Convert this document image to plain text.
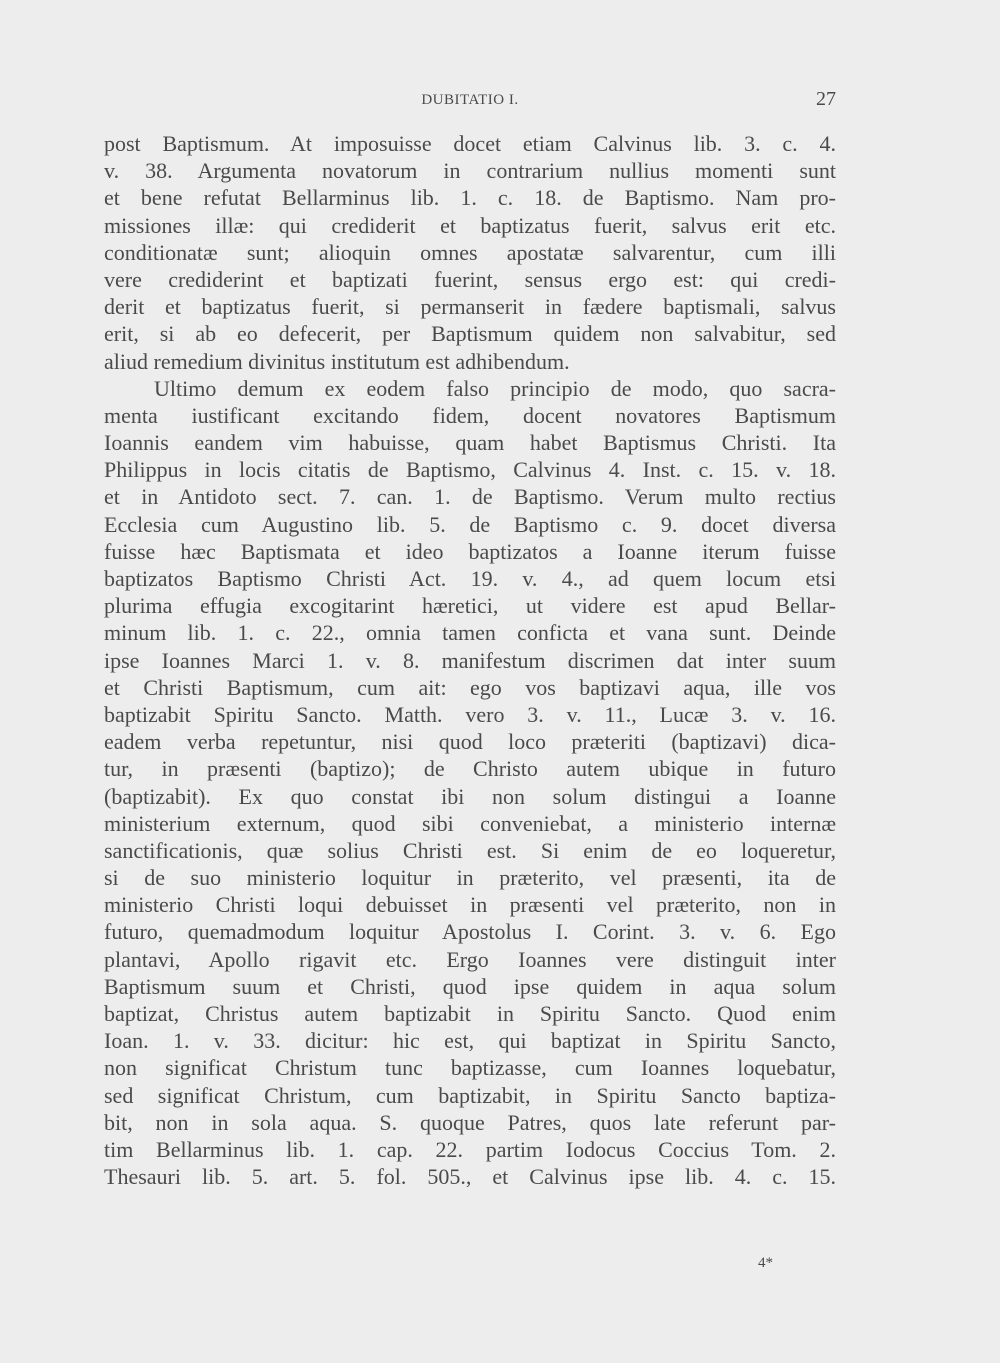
DUBITATIO I.	27
post Baptismum. At imposuisse docet etiam Calvinus lib. 3. c. 4.
v. 38. Argumenta novatorum in contrarium nullius momenti sunt
et bene refutat Bellarminus lib. 1. c. 18. de Baptismo. Nam pro-
missiones illæ: qui crediderit et baptizatus fuerit, salvus erit etc.
conditionatæ sunt; alioquin omnes apostatæ salvarentur, cum illi
vere crediderint et baptizati fuerint, sensus ergo est: qui credi-
derit et baptizatus fuerit, si permanserit in fædere baptismali, salvus
erit, si ab eo defecerit, per Baptismum quidem non salvabitur, sed
aliud remedium divinitus institutum est adhibendum.
Ultimo demum ex eodem falso principio de modo, quo sacra-
menta iustificant excitando fidem, docent novatores Baptismum
Ioannis eandem vim habuisse, quam habet Baptismus Christi. Ita
Philippus in locis citatis de Baptismo, Calvinus 4. Inst. c. 15. v. 18.
et in Antidoto sect. 7. can. 1. de Baptismo. Verum multo rectius
Ecclesia cum Augustino lib. 5. de Baptismo c. 9. docet diversa
fuisse hæc Baptismata et ideo baptizatos a Ioanne iterum fuisse
baptizatos Baptismo Christi Act. 19. v. 4., ad quem locum etsi
plurima effugia excogitarint hæretici, ut videre est apud Bellar-
minum lib. 1. c. 22., omnia tamen conficta et vana sunt. Deinde
ipse Ioannes Marci 1. v. 8. manifestum discrimen dat inter suum
et Christi Baptismum, cum ait: ego vos baptizavi aqua, ille vos
baptizabit Spiritu Sancto. Matth. vero 3. v. 11., Lucæ 3. v. 16.
eadem verba repetuntur, nisi quod loco præteriti (baptizavi) dica-
tur, in præsenti (baptizo); de Christo autem ubique in futuro
(baptizabit). Ex quo constat ibi non solum distingui a Ioanne
ministerium externum, quod sibi conveniebat, a ministerio internæ
sanctificationis, quæ solius Christi est. Si enim de eo loqueretur,
si de suo ministerio loquitur in præterito, vel præsenti, ita de
ministerio Christi loqui debuisset in præsenti vel præterito, non in
futuro, quemadmodum loquitur Apostolus I. Corint. 3. v. 6. Ego
plantavi, Apollo rigavit etc. Ergo Ioannes vere distinguit inter
Baptismum suum et Christi, quod ipse quidem in aqua solum
baptizat, Christus autem baptizabit in Spiritu Sancto. Quod enim
Ioan. 1. v. 33. dicitur: hic est, qui baptizat in Spiritu Sancto,
non significat Christum tunc baptizasse, cum Ioannes loquebatur,
sed significat Christum, cum baptizabit, in Spiritu Sancto baptiza-
bit, non in sola aqua. S. quoque Patres, quos late referunt par-
tim Bellarminus lib. 1. cap. 22. partim Iodocus Coccius Tom. 2.
Thesauri lib. 5. art. 5. fol. 505., et Calvinus ipse lib. 4. c. 15.
4*
